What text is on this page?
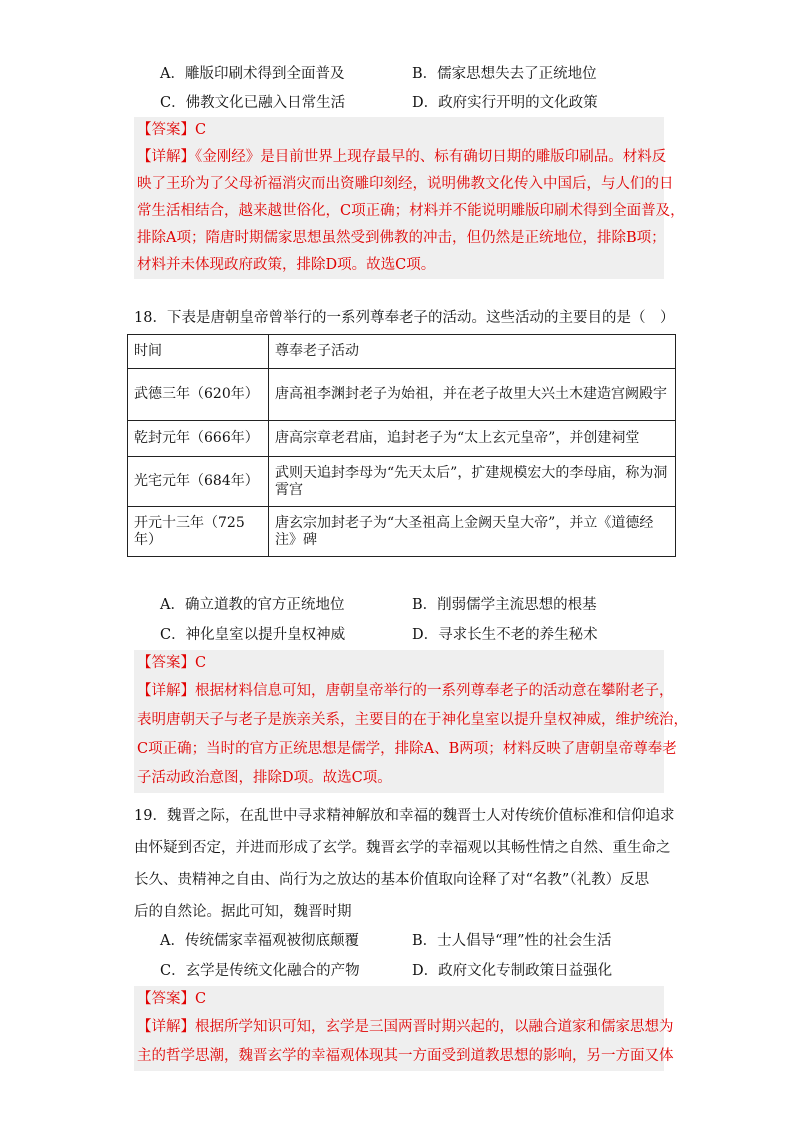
A．雕版印刷术得到全面普及	B．儒家思想失去了正统地位
C．佛教文化已融入日常生活	D．政府实行开明的文化政策
【答案】C
【详解】《金刚经》是目前世界上现存最早的、标有确切日期的雕版印刷品。材料反
映了王玠为了父母祈福消灾而出资雕印刻经，说明佛教文化传入中国后，与人们的日
常生活相结合，越来越世俗化，C项正确；材料并不能说明雕版印刷术得到全面普及，
排除A项；隋唐时期儒家思想虽然受到佛教的冲击，但仍然是正统地位，排除B项；
材料并未体现政府政策，排除D项。故选C项。
18．下表是唐朝皇帝曾举行的一系列尊奉老子的活动。这些活动的主要目的是（　）
时间	尊奉老子活动
武德三年（620年）	唐高祖李渊封老子为始祖，并在老子故里大兴土木建造宫阙殿宇
乾封元年（666年）	唐高宗章老君庙，追封老子为“太上玄元皇帝”，并创建祠堂
光宅元年（684年）	武则天追封李母为“先天太后”，扩建规模宏大的李母庙，称为洞霄宫
开元十三年（725年）	唐玄宗加封老子为“大圣祖高上金阙天皇大帝”，并立《道德经注》碑
A．确立道教的官方正统地位	B．削弱儒学主流思想的根基
C．神化皇室以提升皇权神威	D．寻求长生不老的养生秘术
【答案】C
【详解】根据材料信息可知，唐朝皇帝举行的一系列尊奉老子的活动意在攀附老子，
表明唐朝天子与老子是族亲关系，主要目的在于神化皇室以提升皇权神威，维护统治，
C项正确；当时的官方正统思想是儒学，排除A、B两项；材料反映了唐朝皇帝尊奉老
子活动政治意图，排除D项。故选C项。
19．魏晋之际，在乱世中寻求精神解放和幸福的魏晋士人对传统价值标准和信仰追求
由怀疑到否定，并进而形成了玄学。魏晋玄学的幸福观以其畅性情之自然、重生命之
长久、贵精神之自由、尚行为之放达的基本价值取向诠释了对“名教”（礼教）反思
后的自然论。据此可知，魏晋时期
A．传统儒家幸福观被彻底颠覆	B．士人倡导“理”性的社会生活
C．玄学是传统文化融合的产物	D．政府文化专制政策日益强化
【答案】C
【详解】根据所学知识可知，玄学是三国两晋时期兴起的，以融合道家和儒家思想为
主的哲学思潮，魏晋玄学的幸福观体现其一方面受到道教思想的影响，另一方面又体
